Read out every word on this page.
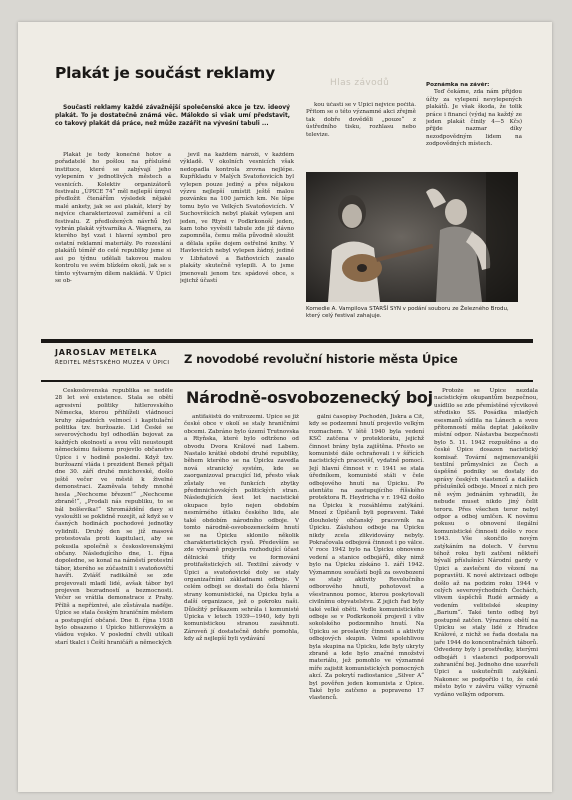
Plakát je součást reklamy
Hlas závodů

Současti reklamy každé závažnější společenské akce je tzv. ideový plakát. To je dostatečně známá věc. Málokdo si však umí představit, co takový plakát dá práce, než může zazářit na výveśní tabuli ...

Plakát je tedy konečně hotov a pořadatelé ho pošlou na příslušné instituce, které se zabývají jeho vylepením v jednotlivých městech a vesnicích. Kolektiv organizátorů festivalu „ÚPICE 74“ měl nejlepší úmysl předložit čtenářům výsledek nějaké malé ankety, jak se asi plakát, který by nejvíce charakterizoval zaměření a cíl festivalu. Z předložených návrhů byl vybrán plakát výtvarníka A. Wagnera, za kterého byl vzat i hlavní symbol pro ostatní reklamní materiály. Po rozeslání plakátů téměř do celé republiky jsme si asi po týdnu udělali takovou malou kontrolu ve svém blízkém okolí, jak se s tímto výtvarným dílem nakládá. V Úpici se ob-

jevil na každém nároží, v každém výkladě. V okolních vesnicích však nedopadla kontrola zrovna nejlépe. Kupříkladu v Malých Svatoňovicích byl vylepen pouze jediný a přes nějakou výzvu nejlepší umístit ještě malou pozvánku na 100 jarních km. Ne lépe tomu bylo ve Velkých Svatoňovicích. V Suchovršicích nebyl plakát vylepen ani jeden, ve Rtyni v Podkrkonoší jeden, kam toho vyvěsili tabule zde již dávno zapomněla, čemu měla původně sloužit a dělala spíše dojem ostřelné knihy. V Havlovicích nebyl vylepen žádný, jediné v Libňatově a Batňovicích zasalo plakáty skutečně vylepili. A to jsme jmenovali jenom tzv. spádové obce, s jejichž účastí

kou účastí se v Úpici nejvíce počítá. Přitom se o této významné akci zřejmě tak dobře dověděli „pouze“ z ústředního tisku, rozhlasu nebo televize.

Poznámka na závěr:

Teď čekáme, zda nám přijdou účty za vylepení nevylepených plakátů. Je však škoda, že tolik práce i financí (výdaj na každý ze jeden plakát činily 4—5 Kčs) přijde nazmar díky nezodpovědným lidem na zodpovědných místech.

Komedie A. Vampilova STARŠÍ SYN v podání souboru ze Železného Brodu, který celý festival zahajuje.
JAROSLAV METELKA
ŘEDITEL MĚSTSKÉHO MUZEA V ÚPICI	Z novodobé revoluční historie města Úpice
Národně-osvobozenecký boj

Československá republika se neděle 28 let své existence. Stala se obětí agresivní politiky hitlerovského Německa, kterou přihlíželi vládnoucí kruhy západních velmocí i kapitulační politika tzv. buržoazie. Lid České se severovýchodu byl odhodlán bojovat za každých okolností a svou vůli neustoupit německému fašismu projevilo občanstvo Úpice i v hodině poslední. Když tzv. buržoazní vláda i prezident Beneš přijali dne 30. září druhé mnichovské, došlo ještě večer ve městě k živelné demonstraci. Zazněvala tehdy mnohé hesla „Nechceme březen!“ „Nechceme zbraně!“, „Prodali nás republiku, to se bál bolševika!“ Shromáždění davy si vysloužili se poklidně rozejít, až když se v časných hodinách pochodové jednotky vylidnili. Druhý den se již masová protestovala proti kapitulaci, aby se pokusila společně s československými občany. Následujícího dne, 1. října dopoledne, se konal na náměstí protestní tábor, kterého se zúčastnili i svatoňovičtí havíři. Zvlášť radikálně se zde projevovali mladí lidé, avšak tábor byl projeven bezradností a bezmocnosti. Večer se vrátila demonstrace z Prahy. Příliš a nepříznivé, ale zůstávala naděje. Úpice se stala českým hraničním městem a postupující občané. Dne 8. října 1938 bylo obsazeno i Úpicko hitlerovským a vládou vojsko. V poslední chvíli utíkali starí tkalci i Čeští hraničáři a německých

antifašistů do vnitrozemí. Úpice se již české obce v okolí se staly hraničními obcemi. Zabráno bylo území Trutnovska a Rtyňska, které bylo odtrženo od obvodu Dvora Králové nad Labem. Nastalo krátké období druhé republiky, během kterého se na Úpicku zavedla nová stranický systém, kde se zaorganizoval pracující lid, přesto však zůstaly ve funkcích zbytky předmnichovských politických stran. Následujících šest let nacistické okupace bylo nejen obdobím nesmírného útlaku českého lidu, ale také obdobím národního odboje. V tomto národně-osvobozeneckém hnutí se na Úpicku sklonilo několik charakteristických rysů. Především se zde výrazně projevila rozhodující účast dělnické třídy ve formování protifašistických sil. Textilní závody v Úpici a svatoňovické doly se staly organizačními základnami odboje. V celém odboji se dostali do čela hlavní strany komunistické, na Úpicku byla a další organizace, jež o pokroku naši. Důležitý průkazem sehrála i komunisté Úpicka v letech 1939—1940, kdy byli komunistickou stranou zasáhnuti. Zároveň jí dostatečně dobře pomohla, kdy až nejlepší byli vydávání

gální časopisy Pochoděň, Jiskra a Čít, kdy se podzemní hnutí projevilo velkým rozmachem. V létě 1940 byla vedení KSČ zatčena v protektorátu, jejichž činnost brány byla zajištěna. Přesto se komunisté dále ochraňovali i v šířících nacistických pracovišť, vydatně pomocí. Její hlavní činnost v r. 1941 se stala úředníkem, komunisté stáli v čele odbojového hnutí na Úpicku. Po atentátu na zastupujícího říšského protektora R. Heydricha v r. 1942 došlo na Úpicku k rozsáhlému zatýkání. Mnozí z Úpičanů byli popraveni. Také dlouholetý občanský pracovník na Úpicku. Zásluhou odboje na Úpicku nikdy zcela zlikvidovány nebyly. Pokračovala odbojová činnost i po válce. V roce 1942 bylo na Úpicku obnoveno vedení a stanice odbojářů, díky nimž bylo na Úpicku získáno 1. září 1942. Významnou součástí bojů za osvobození se staly aktivity Revolučního odborového hnutí, pohotovost a všestrannou pomoc, kterou poskytovali civilnímu obyvatelstvu. Z jejich řad byly také velké oběti. Vedle komunistického odboje se v Podkrkonoší projevil i vliv sokolského podzemního hnutí. Na Úpicku se proslavily činnosti a aktivity odbojových skupin. Velmi spolehlivou byla skupina na Úpicku, kde byly ukryty zbraně a kde bylo značné množství materiálu, jež pomohlo ve významné míře zajistit komunistických pomocných akcí. Za pokrytí radiostanice „Silver A“ byl pověřen jeden komunista z Úpice. Také bylo zatčeno a popraveno 17 vlastenců.

Protože se Úpice nezdála nacistickým okupantům bezpečnou, usídlilo se zde přemístěné výcvikové středisko SS. Posádka mladých esesmanů sídlila na Lánech a svou přítomností měla deptat jakékoliv místní odpor. Nástavba bezpečnosti bylo 5. 11. 1942 rozpuštěno a do české Úpice dosazen nacistický komisař. Tovární nejmenovanější textilní průmyslníci ze Čech a úspěšné podniky se dostaly do správy českých vlastenců a dalších příslušníků odboje. Mnozí z nich pro ně svým jednáním vyhradili, že nebude muset nikdo jiný čelit teroru. Přes všechen teror nebyl odpor a odboj umlčen. K novému pokusu o obnovení ilegální komunistické činnosti došlo v roce 1943. Vše skončilo novým zatýkáním na dolech. V červnu téhož roku byli zatčeni někteří bývalí příslušníci Národní gardy v Úpici a zavlečeni do vězení na popravišti. K nové aktivizaci odboje došlo až na podzim roku 1944 v celých severovýchodních Čechách, vlivem úspěchů Rudé armády a vedením velitelské skupiny „Barium“. Také tento odboj byl postupně zatčen. Výraznou obětí na Úpicku se staly lidé z Hradce Králové, z nichž se řada dostala na jaře 1944 do koncentračních táborů. Odvedeny byly i prostředky, kterými odbojáři i vlastenci podporovali zahraniční boj. Jednoho dne uzavřeli Úpici a uskutečnili zatýkání. Nakonec se podpořilo i to, že celé město bylo v závěru války výrazně vydáno velkým odporem.
